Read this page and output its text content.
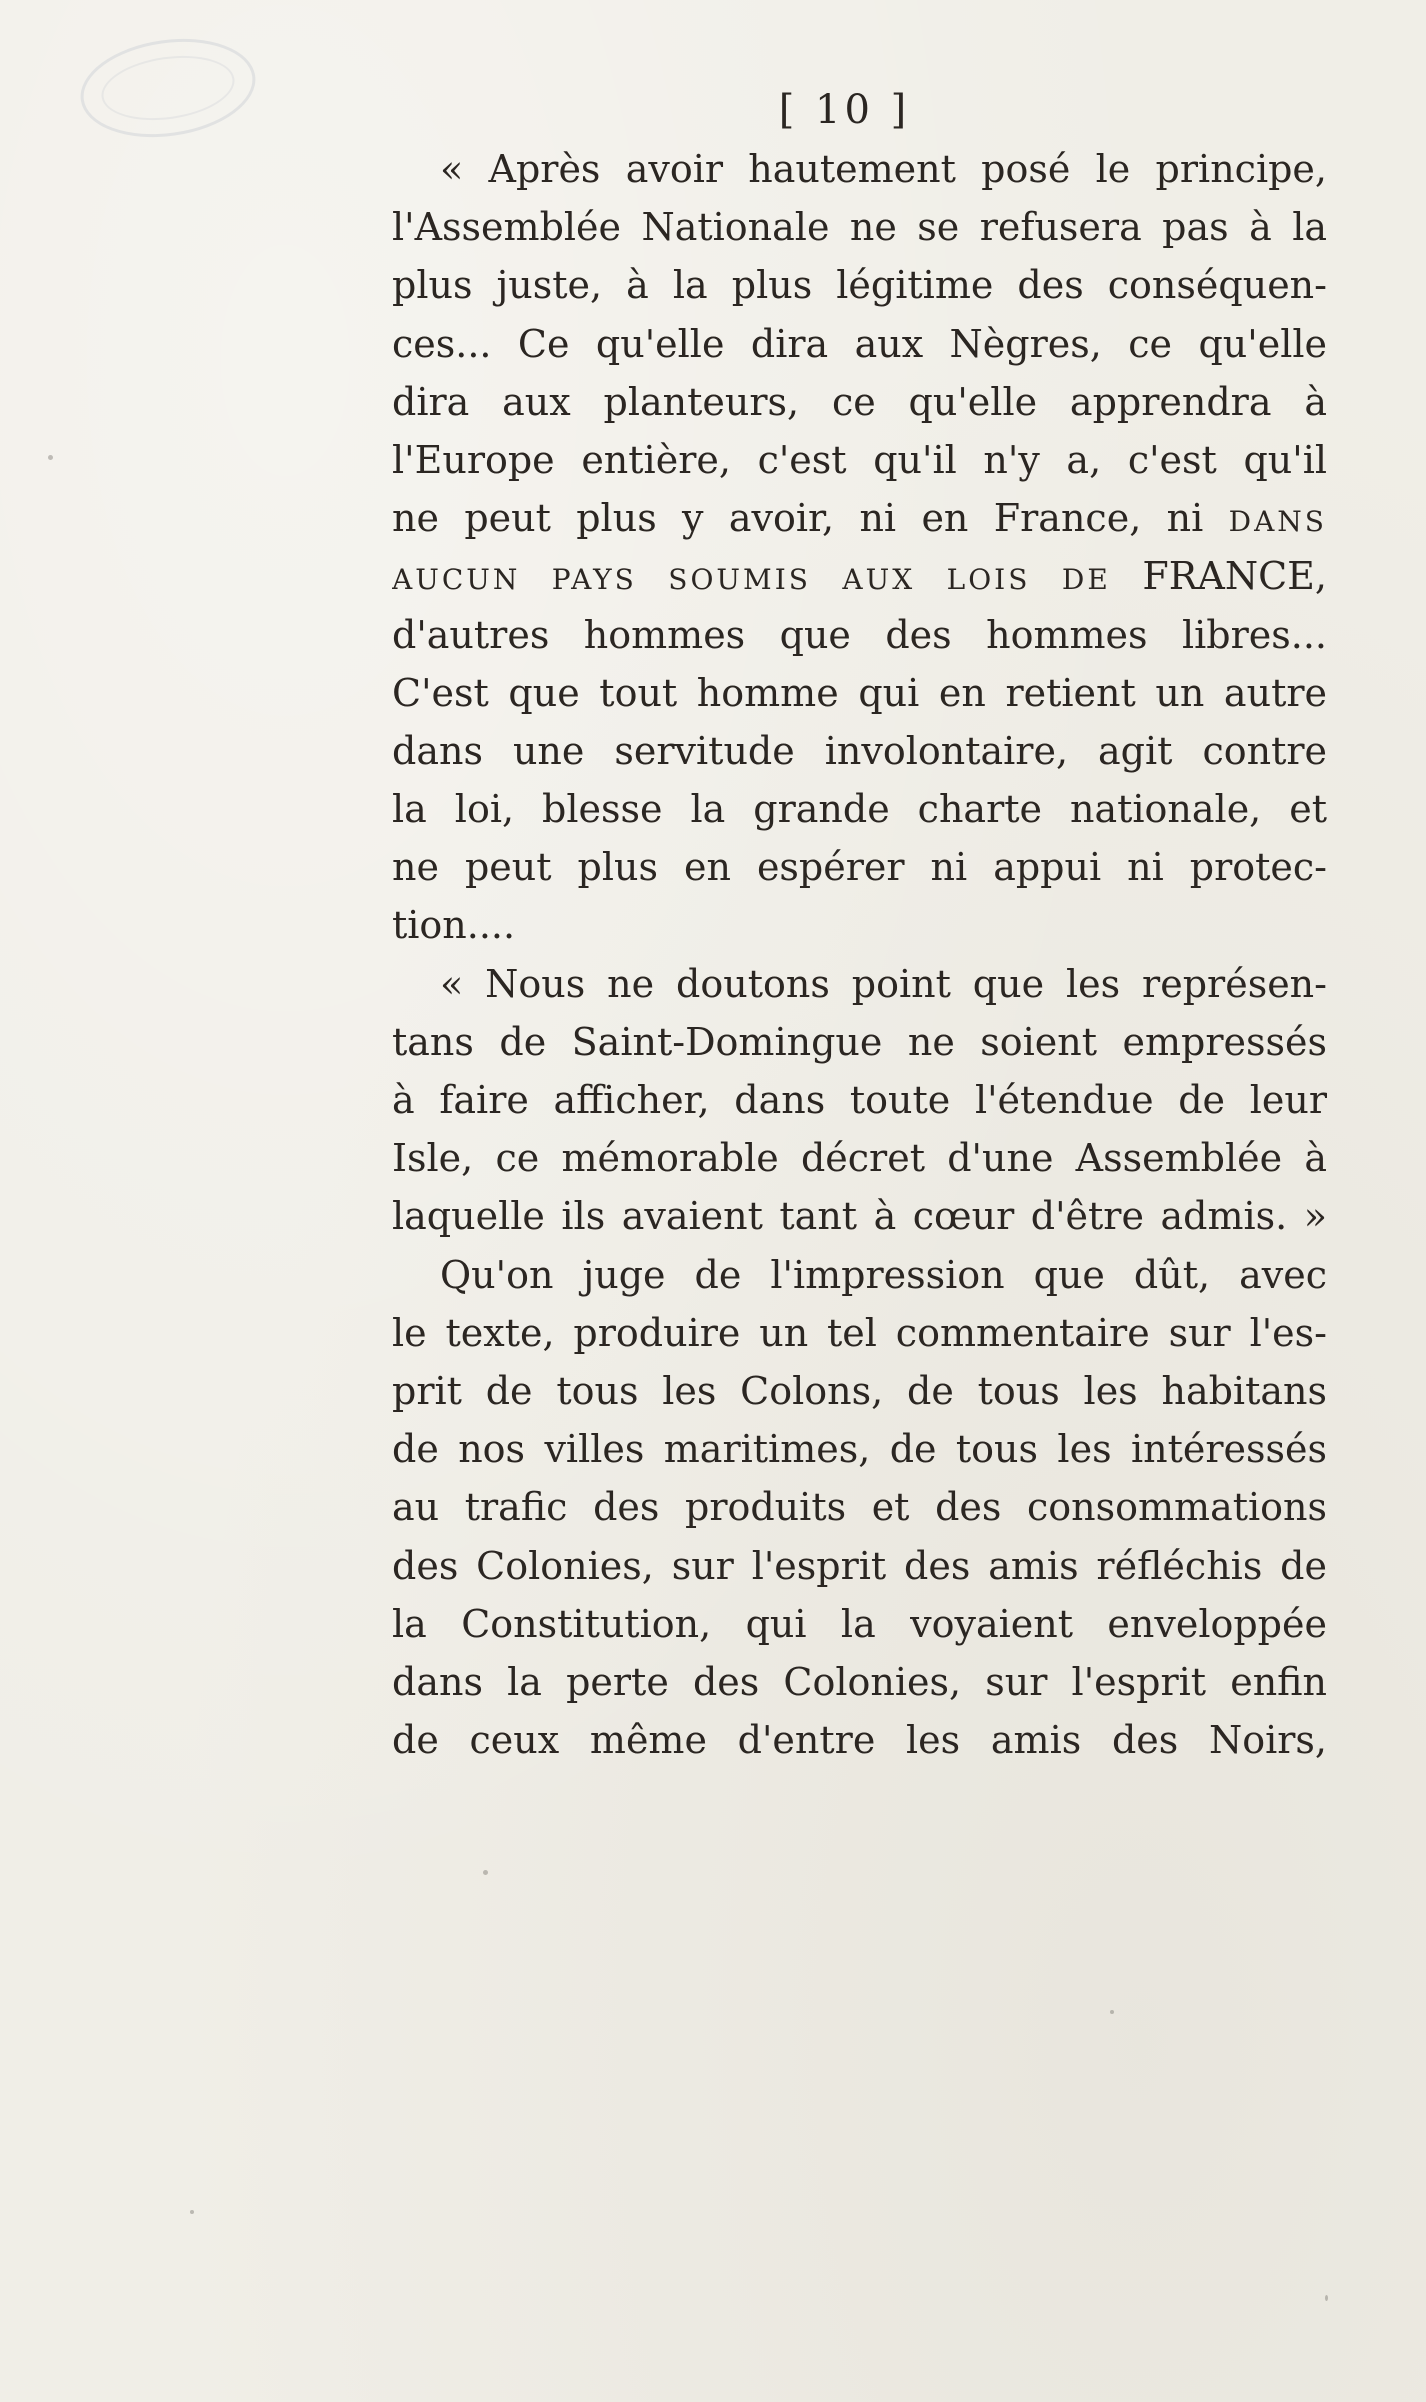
[ 10 ]
« Après avoir hautement posé le principe,
l'Assemblée Nationale ne se refusera pas à la
plus juste, à la plus légitime des conséquen-
ces... Ce qu'elle dira aux Nègres, ce qu'elle
dira aux planteurs, ce qu'elle apprendra à
l'Europe entière, c'est qu'il n'y a, c'est qu'il
ne peut plus y avoir, ni en France, ni DANS
AUCUN PAYS SOUMIS AUX LOIS DE FRANCE,
d'autres hommes que des hommes libres...
C'est que tout homme qui en retient un autre
dans une servitude involontaire, agit contre
la loi, blesse la grande charte nationale, et
ne peut plus en espérer ni appui ni protec-
tion....
« Nous ne doutons point que les représen-
tans de Saint-Domingue ne soient empressés
à faire afficher, dans toute l'étendue de leur
Isle, ce mémorable décret d'une Assemblée à
laquelle ils avaient tant à cœur d'être admis. »
Qu'on juge de l'impression que dût, avec
le texte, produire un tel commentaire sur l'es-
prit de tous les Colons, de tous les habitans
de nos villes maritimes, de tous les intéressés
au trafic des produits et des consommations
des Colonies, sur l'esprit des amis réfléchis de
la Constitution, qui la voyaient enveloppée
dans la perte des Colonies, sur l'esprit enfin
de ceux même d'entre les amis des Noirs,
